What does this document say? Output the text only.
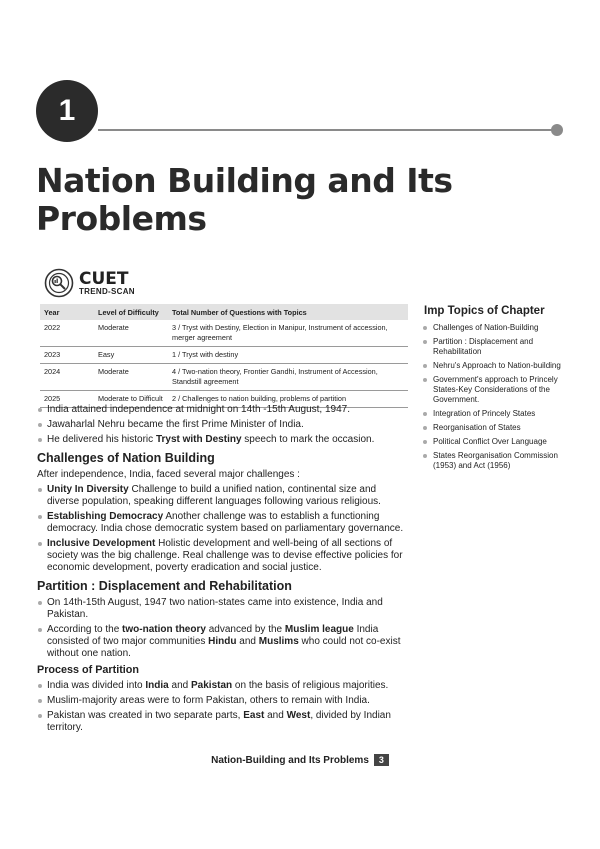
1
Nation Building and Its Problems
CUET
TREND-SCAN
Year	Level of Difficulty	Total Number of Questions with Topics
2022	Moderate	3 / Tryst with Destiny, Election in Manipur, Instrument of accession, merger agreement
2023	Easy	1 / Tryst with destiny
2024	Moderate	4 / Two-nation theory, Frontier Gandhi, Instrument of Accession, Standstill agreement
2025	Moderate to Difficult	2 / Challenges to nation building, problems of partition
Imp Topics of Chapter
Challenges of Nation-Building
Partition : Displacement and Rehabilitation
Nehru's Approach to Nation-building
Government's approach to Princely States-Key Considerations of the Government.
Integration of Princely States
Reorganisation of States
Political Conflict Over Language
States Reorganisation Commission (1953) and Act (1956)
India attained independence at midnight on 14th -15th August, 1947.
Jawaharlal Nehru became the first Prime Minister of India.
He delivered his historic Tryst with Destiny speech to mark the occasion.
Challenges of Nation Building

After independence, India, faced several major challenges :

Unity In Diversity Challenge to build a unified nation, continental size and diverse population, speaking different languages following various religious.
Establishing Democracy Another challenge was to establish a functioning democracy. India chose democratic system based on parliamentary governance.
Inclusive Development Holistic development and well-being of all sections of society was the big challenge. Real challenge was to devise effective policies for economic development, poverty eradication and social justice.
Partition : Displacement and Rehabilitation
On 14th-15th August, 1947 two nation-states came into existence, India and Pakistan.
According to the two-nation theory advanced by the Muslim league India consisted of two major communities Hindu and Muslims who could not co-exist without one nation.
Process of Partition
India was divided into India and Pakistan on the basis of religious majorities.
Muslim-majority areas were to form Pakistan, others to remain with India.
Pakistan was created in two separate parts, East and West, divided by Indian territory.
Nation-Building and Its Problems 3
